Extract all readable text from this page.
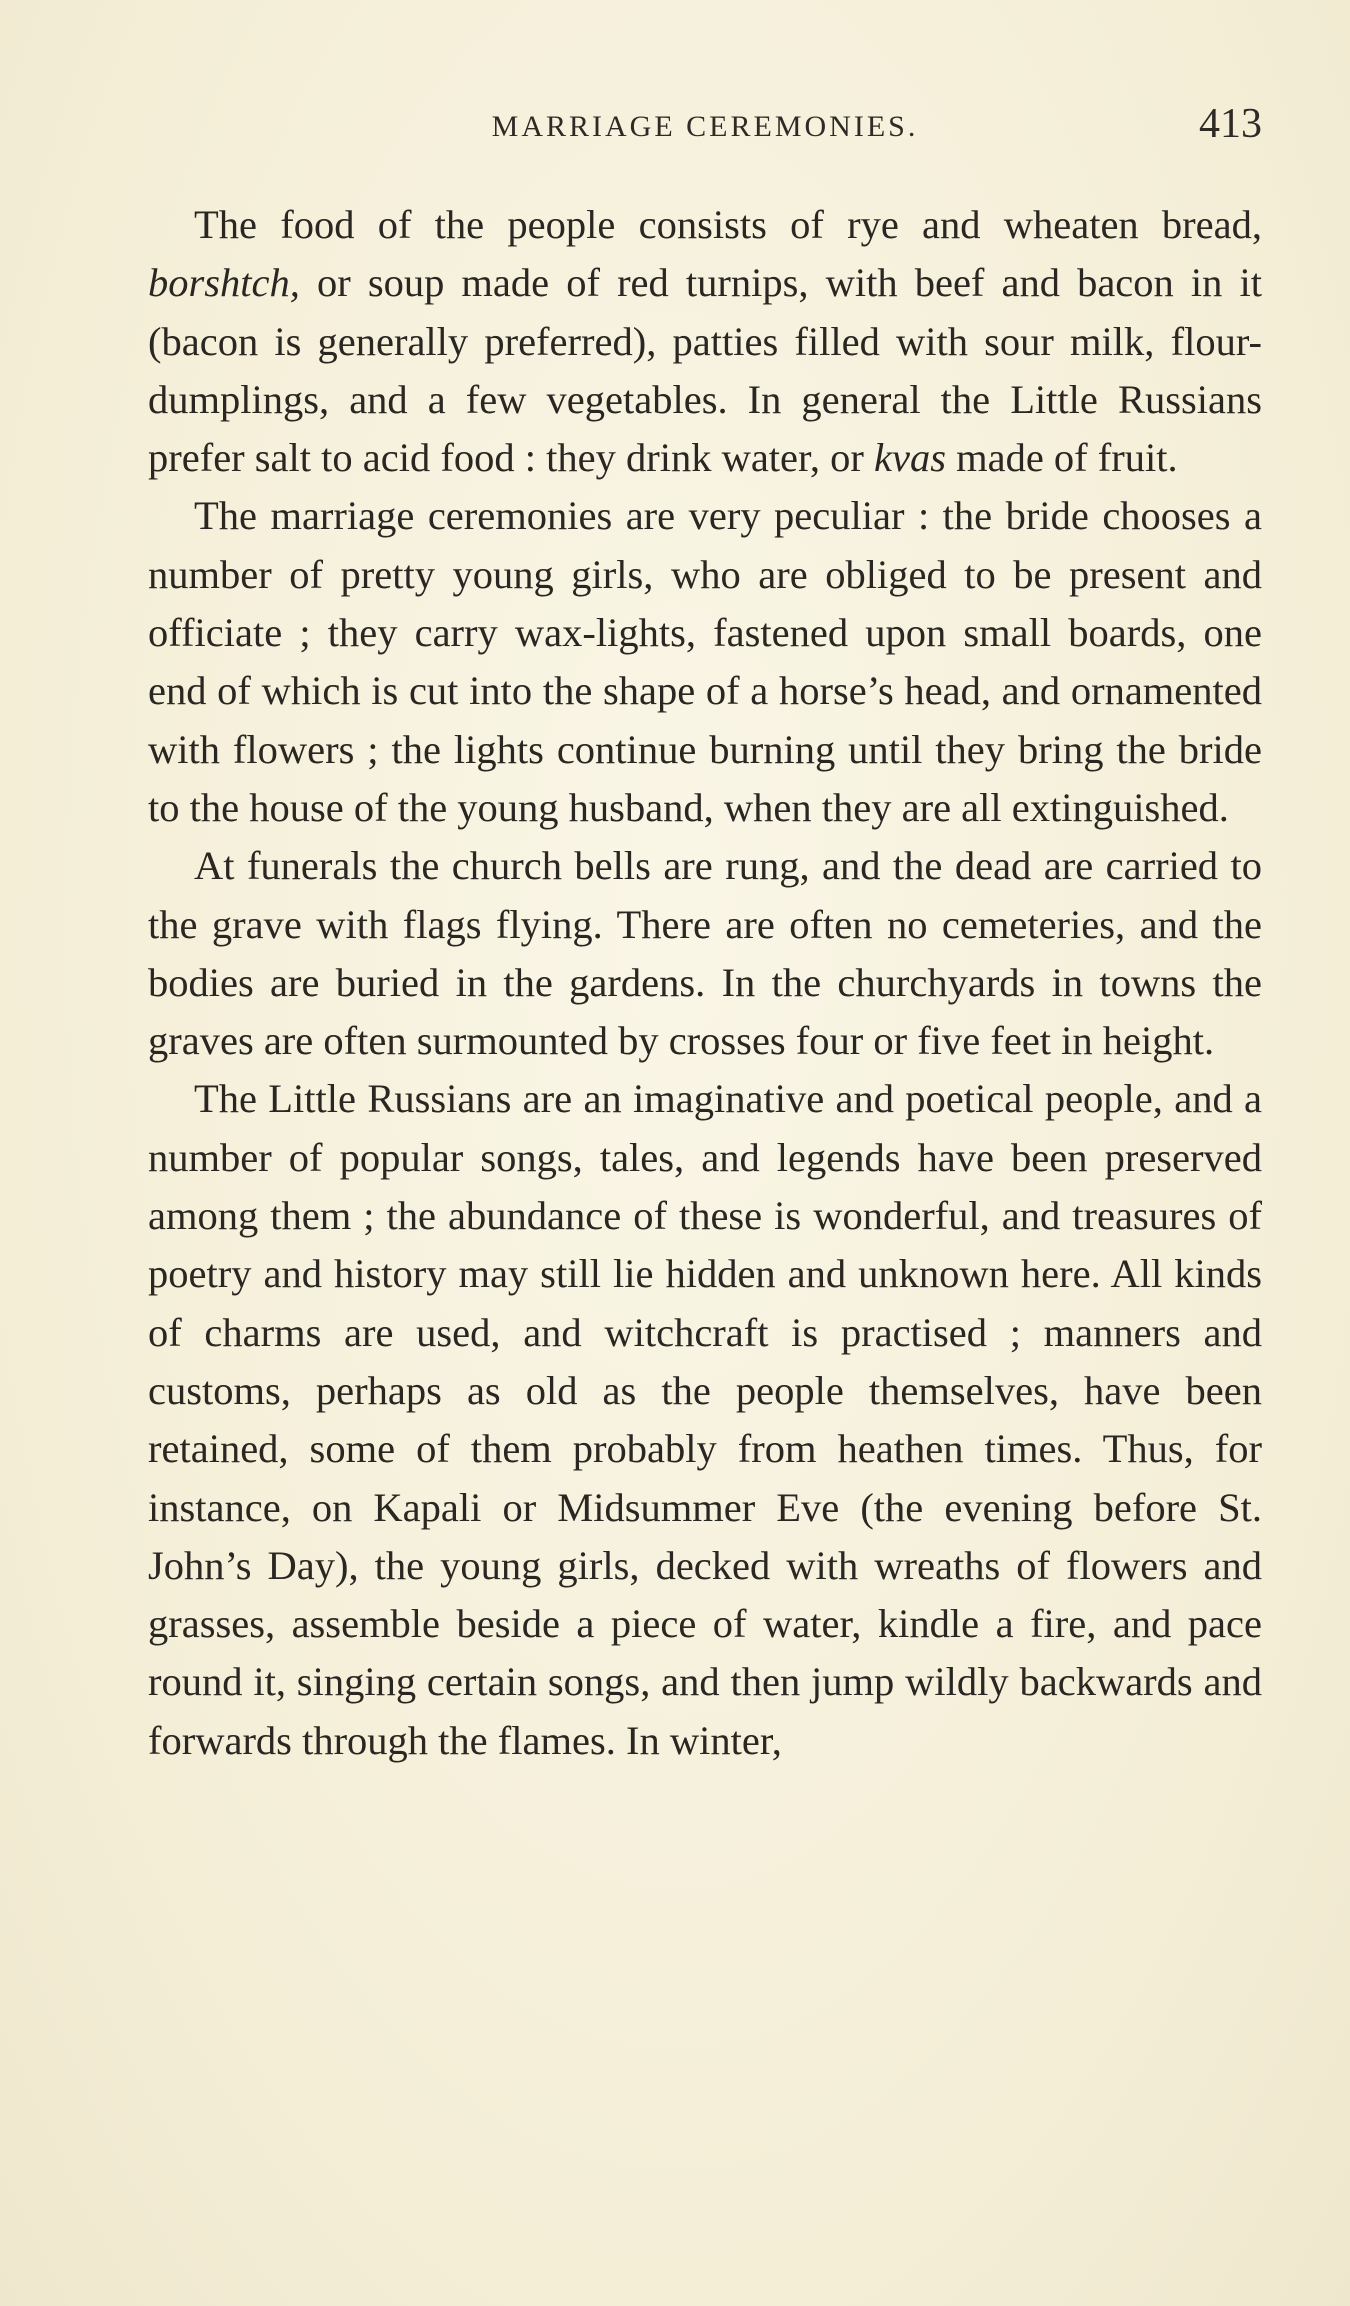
MARRIAGE CEREMONIES.	413

The food of the people consists of rye and wheaten bread, borshtch, or soup made of red turnips, with beef and bacon in it (bacon is generally preferred), patties filled with sour milk, flour-dumplings, and a few vegetables. In general the Little Russians prefer salt to acid food : they drink water, or kvas made of fruit.

The marriage ceremonies are very peculiar : the bride chooses a number of pretty young girls, who are obliged to be present and officiate ; they carry wax-lights, fastened upon small boards, one end of which is cut into the shape of a horse’s head, and ornamented with flowers ; the lights continue burning until they bring the bride to the house of the young husband, when they are all extinguished.

At funerals the church bells are rung, and the dead are carried to the grave with flags flying. There are often no cemeteries, and the bodies are buried in the gardens. In the churchyards in towns the graves are often surmounted by crosses four or five feet in height.

The Little Russians are an imaginative and poetical people, and a number of popular songs, tales, and legends have been preserved among them ; the abundance of these is wonderful, and treasures of poetry and history may still lie hidden and unknown here. All kinds of charms are used, and witchcraft is practised ; manners and customs, perhaps as old as the people themselves, have been retained, some of them probably from heathen times. Thus, for instance, on Kapali or Midsummer Eve (the evening before St. John’s Day), the young girls, decked with wreaths of flowers and grasses, assemble beside a piece of water, kindle a fire, and pace round it, singing certain songs, and then jump wildly backwards and forwards through the flames. In winter,
